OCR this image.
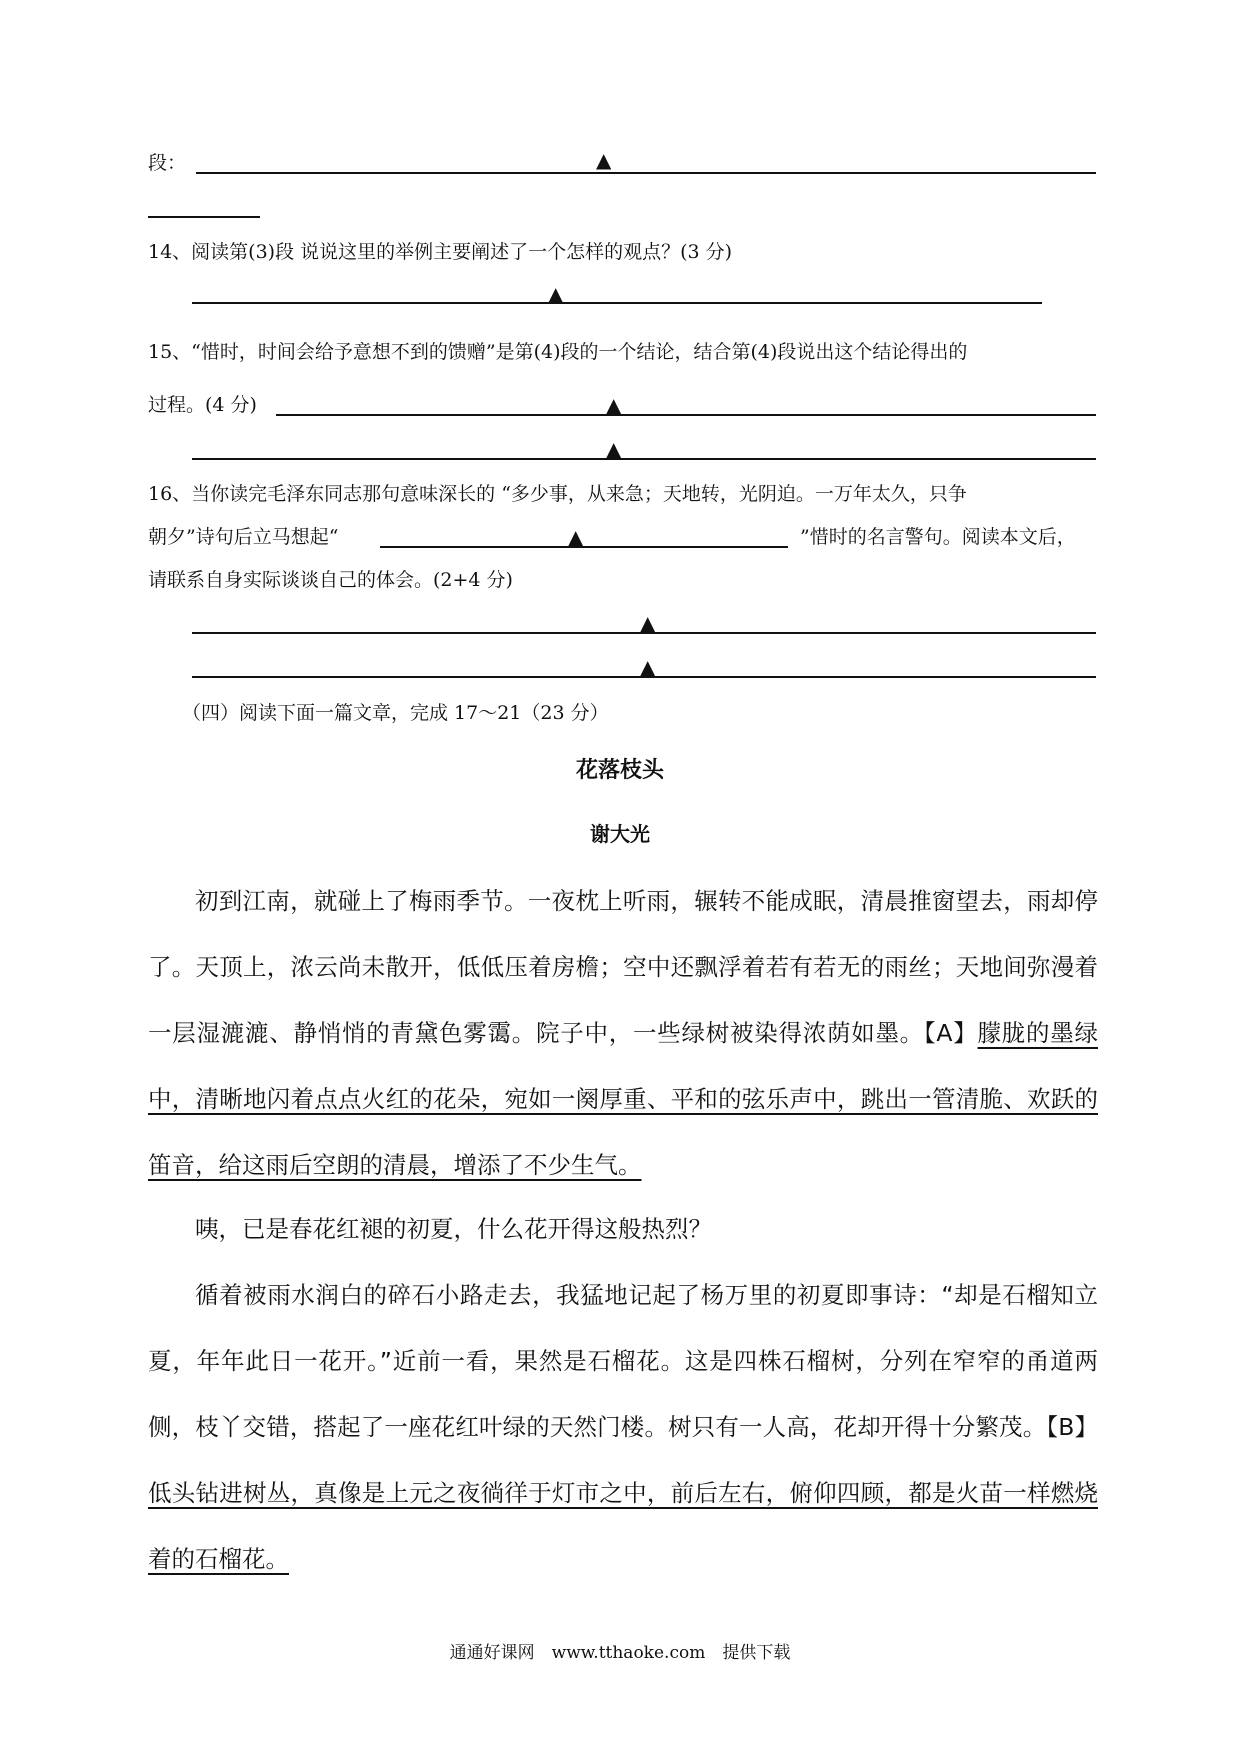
段：	▲
14、阅读第(3)段 说说这里的举例主要阐述了一个怎样的观点？(3 分)
▲
15、“惜时，时间会给予意想不到的馈赠”是第(4)段的一个结论，结合第(4)段说出这个结论得出的
过程。(4 分)	▲
▲
16、当你读完毛泽东同志那句意味深长的 “多少事，从来急；天地转，光阴迫。一万年太久，只争
朝夕”诗句后立马想起“	▲	”惜时的名言警句。阅读本文后，
请联系自身实际谈谈自己的体会。(2+4 分)
▲
▲
（四）阅读下面一篇文章，完成 17～21（23 分）
花落枝头
谢大光
初到江南，就碰上了梅雨季节。一夜枕上听雨，辗转不能成眠，清晨推窗望去，雨却停了。天顶上，浓云尚未散开，低低压着房檐；空中还飘浮着若有若无的雨丝；天地间弥漫着一层湿漉漉、静悄悄的青黛色雾霭。院子中，一些绿树被染得浓荫如墨。【A】朦胧的墨绿中，清晰地闪着点点火红的花朵，宛如一阕厚重、平和的弦乐声中，跳出一管清脆、欢跃的笛音，给这雨后空朗的清晨，增添了不少生气。
咦，已是春花红褪的初夏，什么花开得这般热烈？
循着被雨水润白的碎石小路走去，我猛地记起了杨万里的初夏即事诗：“却是石榴知立夏，年年此日一花开。”近前一看，果然是石榴花。这是四株石榴树，分列在窄窄的甬道两侧，枝丫交错，搭起了一座花红叶绿的天然门楼。树只有一人高，花却开得十分繁茂。【B】低头钻进树丛，真像是上元之夜徜徉于灯市之中，前后左右，俯仰四顾，都是火苗一样燃烧着的石榴花。
通通好课网　www.tthaoke.com　提供下载
